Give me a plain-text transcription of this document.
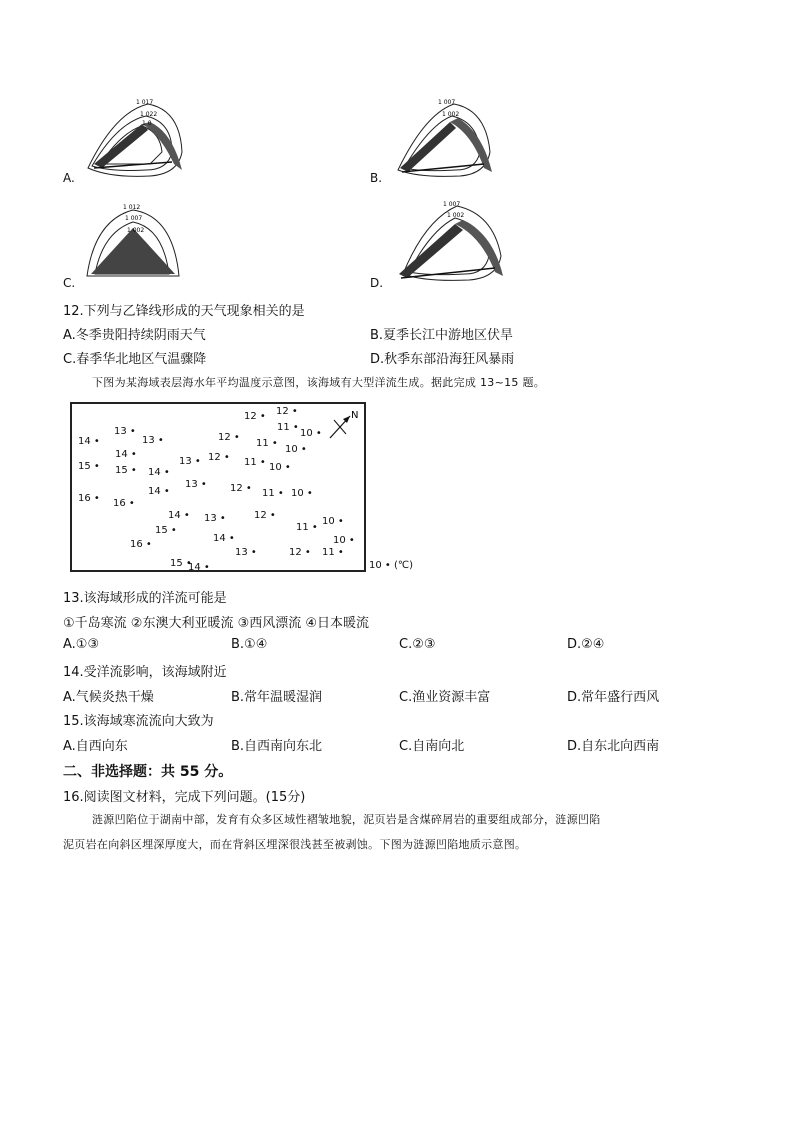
1 017
1 022
1 0
A.
1 007
1 002
B.
1 012
1 007
1 002
C.
1 007
1 002
D.
12.下列与乙锋线形成的天气现象相关的是
A.冬季贵阳持续阴雨天气	B.夏季长江中游地区伏旱
C.春季华北地区气温骤降	D.秋季东部沿海狂风暴雨
下图为某海域表层海水年平均温度示意图，该海域有大型洋流生成。据此完成 13~15 题。
12 • 12 •
11 •
10 •
13 •
14 •	13 •	12 •
11 •
10 •
14 •
13 • 12 • 11 • 10 •
15 • 15 • 14 •
13 • 12 • 11 • 10 •
14 •
16 • 16 •
14 • 13 •	12 •
11 •
10 •
15 •
16 •
14 •	10 •
13 •	12 • 11 •
15 •
14 •
N
10 • (℃)
13.该海域形成的洋流可能是
①千岛寒流 ②东澳大利亚暖流 ③西风漂流 ④日本暖流
A.①③	B.①④	C.②③	D.②④
14.受洋流影响，该海域附近
A.气候炎热干燥	B.常年温暖湿润	C.渔业资源丰富	D.常年盛行西风
15.该海域寒流流向大致为
A.自西向东	B.自西南向东北	C.自南向北	D.自东北向西南
二、非选择题：共 55 分。
16.阅读图文材料，完成下列问题。(15分)
涟源凹陷位于湖南中部，发育有众多区域性褶皱地貌，泥页岩是含煤碎屑岩的重要组成部分，涟源凹陷
泥页岩在向斜区埋深厚度大，而在背斜区埋深很浅甚至被剥蚀。下图为涟源凹陷地质示意图。
